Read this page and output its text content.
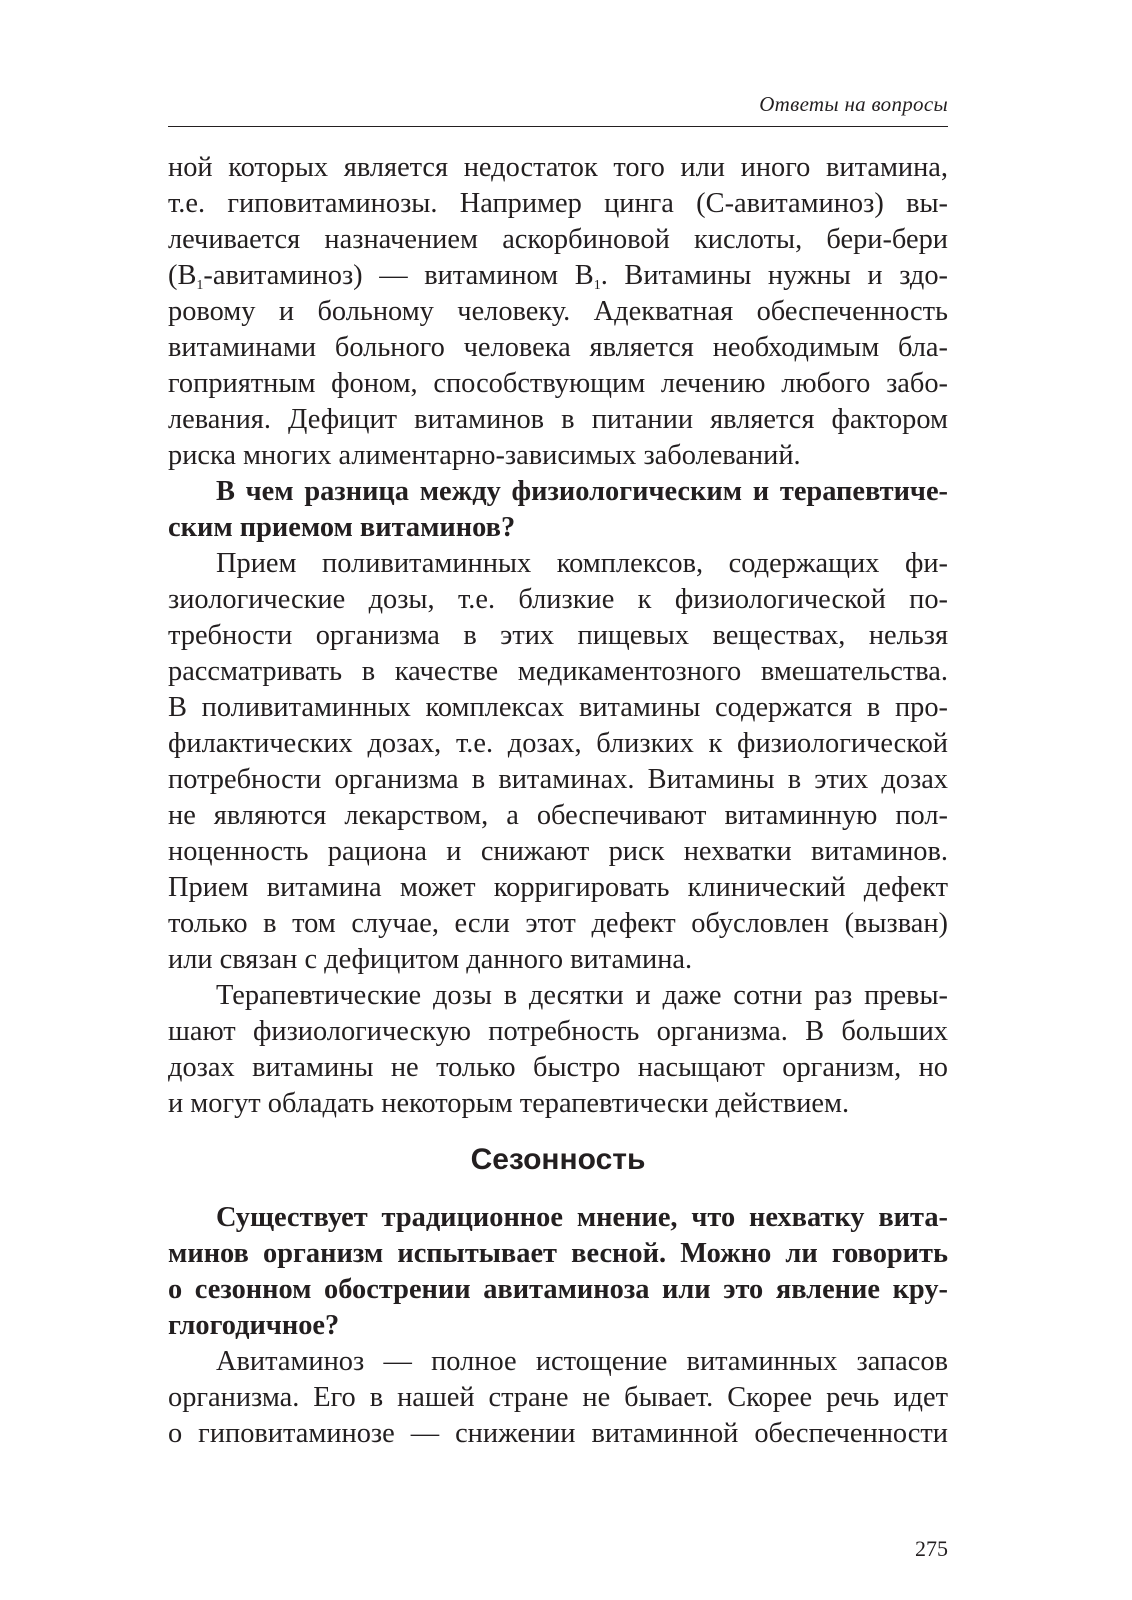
Ответы на вопросы
ной которых является недостаток того или иного витамина,
т.е. гиповитаминозы. Например цинга (С-авитаминоз) вы-
лечивается назначением аскорбиновой кислоты, бери-бери
$(B_1-авитаминоз)$ — витамином $B_1$. Витамины нужны и здо-
ровому и больному человеку. Адекватная обеспеченность
витаминами больного человека является необходимым бла-
гоприятным фоном, способствующим лечению любого забо-
левания. Дефицит витаминов в питании является фактором
риска многих алиментарно-зависимых заболеваний.
В чем разница между физиологическим и терапевтиче-
ским приемом витаминов?
Прием поливитаминных комплексов, содержащих фи-
зиологические дозы, т.е. близкие к физиологической по-
требности организма в этих пищевых веществах, нельзя
рассматривать в качестве медикаментозного вмешательства.
В поливитаминных комплексах витамины содержатся в про-
филактических дозах, т.е. дозах, близких к физиологической
потребности организма в витаминах. Витамины в этих дозах
не являются лекарством, а обеспечивают витаминную пол-
ноценность рациона и снижают риск нехватки витаминов.
Прием витамина может корригировать клинический дефект
только в том случае, если этот дефект обусловлен (вызван)
или связан с дефицитом данного витамина.
Терапевтические дозы в десятки и даже сотни раз превы-
шают физиологическую потребность организма. В больших
дозах витамины не только быстро насыщают организм, но
и могут обладать некоторым терапевтически действием.
Сезонность
Существует традиционное мнение, что нехватку вита-
минов организм испытывает весной. Можно ли говорить
о сезонном обострении авитаминоза или это явление кру-
глогодичное?
Авитаминоз — полное истощение витаминных запасов
организма. Его в нашей стране не бывает. Скорее речь идет
о гиповитаминозе — снижении витаминной обеспеченности
275
